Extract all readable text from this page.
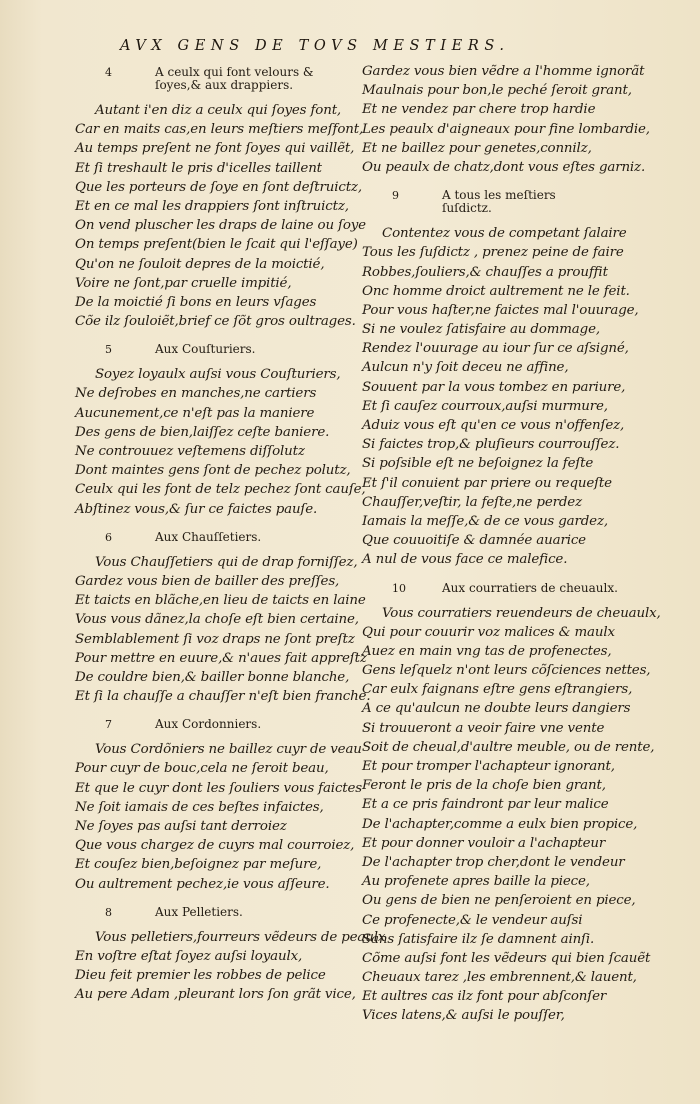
AVX GENS DE TOVS MESTIERS.
4	A ceulx qui font velours &
ſoyes,& aux drappiers.
Autant i'en diz a ceulx qui ſoyes font,
Car en maits cas,en leurs meſtiers meſfont,
Au temps preſent ne font ſoyes qui vaillẽt,
Et ſi treshault le pris d'icelles taillent
Que les porteurs de ſoye en ſont deſtruictz,
Et en ce mal les drappiers ſont inſtruictz,
On vend pluscher les draps de laine ou ſoye
On temps preſent(bien le ſcait qui l'eſſaye)
Qu'on ne ſouloit depres de la moictié,
Voire ne ſont,par cruelle impitié,
De la moictié ſi bons en leurs vſages
Cõe ilz ſouloiẽt,brief ce ſõt gros oultrages.
5	Aux Couſturiers.
Soyez loyaulx auſsi vous Couſturiers,
Ne deſrobes en manches,ne cartiers
Aucunement,ce n'eſt pas la maniere
Des gens de bien,laiſſez ceſte baniere.
Ne controuuez veſtemens diſſolutz
Dont maintes gens ſont de pechez polutz,
Ceulx qui les font de telz pechez ſont cauſe,
Abſtinez vous,& ſur ce faictes pauſe.
6	Aux Chauſſetiers.
Vous Chauſſetiers qui de drap forniſſez,
Gardez vous bien de bailler des preſſes,
Et taicts en blãche,en lieu de taicts en laine
Vous vous dãnez,la choſe eſt bien certaine,
Semblablement ſi voz draps ne ſont preſtz
Pour mettre en euure,& n'aues fait appreſtz
De couldre bien,& bailler bonne blanche,
Et ſi la chauſſe a chauſſer n'eſt bien franche.
7	Aux Cordonniers.
Vous Cordõniers ne baillez cuyr de veau
Pour cuyr de bouc,cela ne ſeroit beau,
Et que le cuyr dont les ſouliers vous faictes
Ne ſoit iamais de ces beſtes infaictes,
Ne ſoyes pas auſsi tant derroiez
Que vous chargez de cuyrs mal courroiez,
Et couſez bien,beſoignez par meſure,
Ou aultrement pechez,ie vous aſſeure.
8	Aux Pelletiers.
Vous pelletiers,fourreurs vẽdeurs de peaulx
En voſtre eſtat ſoyez auſsi loyaulx,
Dieu feit premier les robbes de pelice
Au pere Adam ,pleurant lors ſon grãt vice,
Gardez vous bien vẽdre a l'homme ignorãt
Maulnais pour bon,le peché ſeroit grant,
Et ne vendez par chere trop hardie
Les peaulx d'aigneaux pour fine lombardie,
Et ne baillez pour genetes,connilz,
Ou peaulx de chatz,dont vous eſtes garniz.
9	A tous les meſtiers
ſuſdictz.
Contentez vous de competant ſalaire
Tous les ſuſdictz , prenez peine de faire
Robbes,ſouliers,& chauſſes a prouffit
Onc homme droict aultrement ne le feit.
Pour vous haſter,ne faictes mal l'ouurage,
Si ne voulez ſatisfaire au dommage,
Rendez l'ouurage au iour ſur ce aſsigné,
Aulcun n'y ſoit deceu ne affine,
Souuent par la vous tombez en pariure,
Et ſi cauſez courroux,auſsi murmure,
Aduiz vous eſt qu'en ce vous n'offenſez,
Si faictes trop,& pluſieurs courrouſſez.
Si poſsible eſt ne beſoignez la feſte
Et ſ'il conuient par priere ou requeſte
Chauſſer,veſtir, la feſte,ne perdez
Iamais la meſſe,& de ce vous gardez,
Que couuoitiſe & damnée auarice
A nul de vous face ce malefice.
10	Aux courratiers de cheuaulx.
Vous courratiers reuendeurs de cheuaulx,
Qui pour couurir voz malices & maulx
Auez en main vng tas de profenectes,
Gens leſquelz n'ont leurs cõſciences nettes,
Car eulx faignans eſtre gens eſtrangiers,
A ce qu'aulcun ne doubte leurs dangiers
Si trouueront a veoir faire vne vente
Soit de cheual,d'aultre meuble, ou de rente,
Et pour tromper l'achapteur ignorant,
Feront le pris de la choſe bien grant,
Et a ce pris faindront par leur malice
De l'achapter,comme a eulx bien propice,
Et pour donner vouloir a l'achapteur
De l'achapter trop cher,dont le vendeur
Au profenete apres baille la piece,
Ou gens de bien ne penſeroient en piece,
Ce profenecte,& le vendeur auſsi
Sans ſatisfaire ilz ſe damnent ainſi.
Cõme auſsi font les vẽdeurs qui bien ſcauẽt
Cheuaux tarez ,les embrennent,& lauent,
Et aultres cas ilz font pour abſconſer
Vices latens,& auſsi le pouſſer,
